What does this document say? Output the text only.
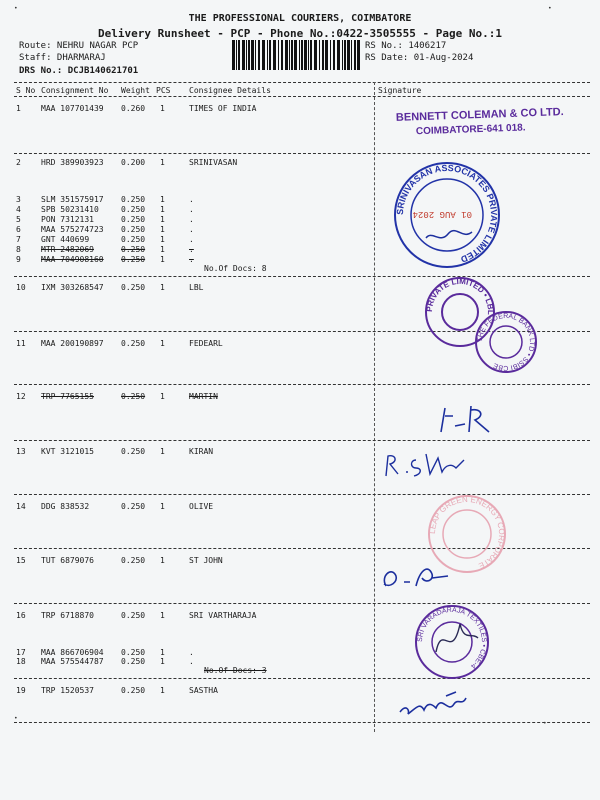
THE PROFESSIONAL COURIERS, COIMBATORE
Delivery Runsheet - PCP - Phone No.:0422-3505555 - Page No.:1
Route: NEHRU NAGAR PCP
Staff: DHARMARAJ
DRS No.: DCJB140621701
RS No.: 1406217
RS Date: 01-Aug-2024
S No Consignment No Weight PCS Consignee Details	Signature
1	MAA 107701439 0.260 1	TIMES OF INDIA
2	HRD 389903923 0.200 1	SRINIVASAN
3	SLM 351575917 0.250 1	.
4	SPB 50231410	0.250 1	.
5	PON 7312131	0.250 1	.
6	MAA 575274723 0.250 1	.
7	GNT 440699	0.250 1	.
8	MTR 2482069	0.250 1	.
9	MAA 704908160 0.250 1	.
10 IXM 303268547 0.250 1	LBL
11 MAA 200190897 0.250 1	FEDEARL
12 TRP 7765155	0.250 1	MARTIN
13 KVT 3121015	0.250 1	KIRAN
14 DDG 838532	0.250 1	OLIVE
15 TUT 6879076	0.250 1	ST JOHN
16 TRP 6718870	0.250 1	SRI VARTHARAJA
17 MAA 866706904 0.250 1	.
18 MAA 575544787 0.250 1	.
19 TRP 1520537	0.250 1	SASTHA
No.Of Docs: 8
No.Of Docs: 3
BENNETT COLEMAN & CO LTD.
COIMBATORE-641 018.
SRINIVASAN ASSOCIATES PRIVATE LIMITED
01 AUG 2024
PRIVATE LIMITED • LBL
THE FEDERAL BANK LTD • SSIBI CBE
LEAP GREEN ENERGY CORPORATE
SRI VARADARAJA TEXTILES • CBE-4
•	•
•
•
